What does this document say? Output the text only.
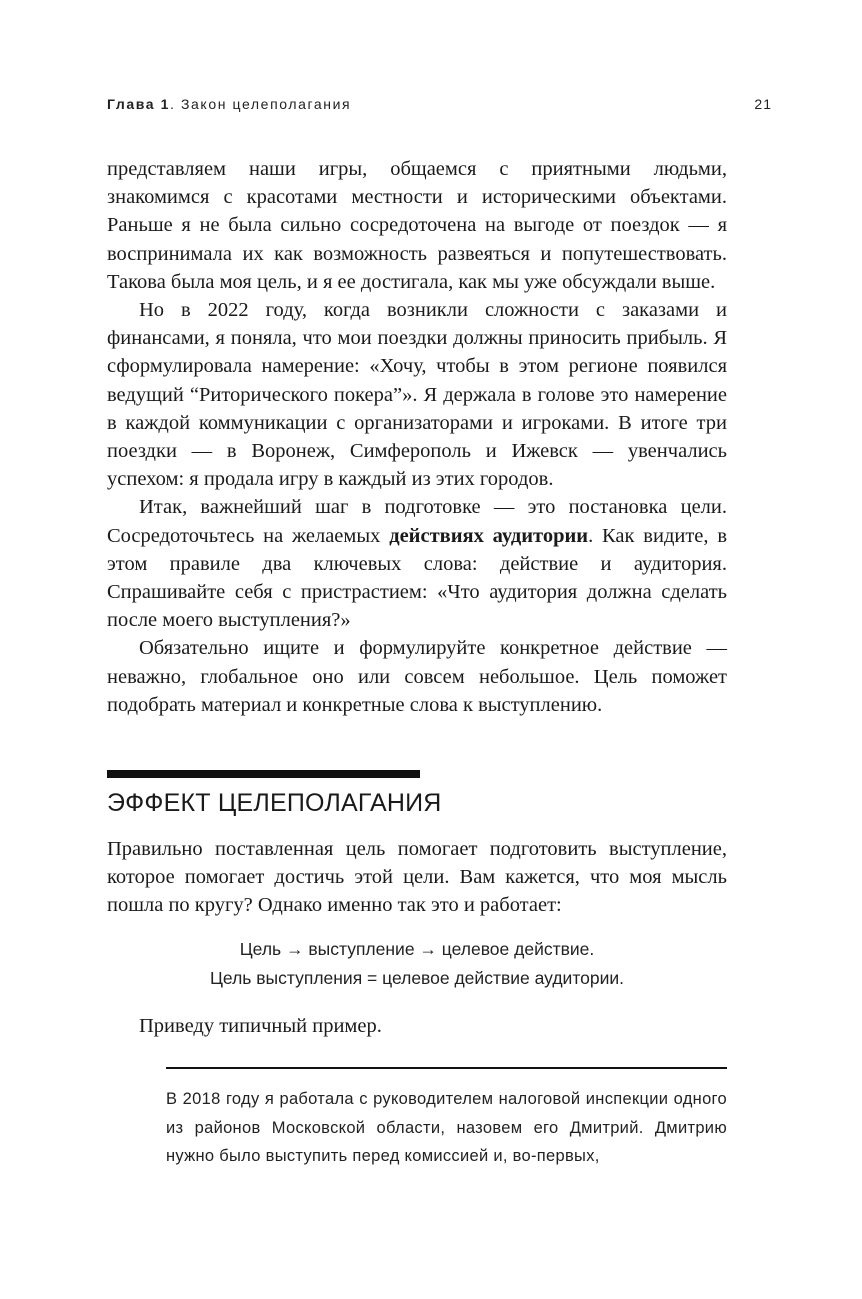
Глава 1. Закон целеполагания	21

представляем наши игры, общаемся с приятными людьми, знакомимся с красотами местности и историческими объектами. Раньше я не была сильно сосредоточена на выгоде от поездок — я воспринимала их как возможность развеяться и попутешествовать. Такова была моя цель, и я ее достигала, как мы уже обсуждали выше.

Но в 2022 году, когда возникли сложности с заказами и финансами, я поняла, что мои поездки должны приносить прибыль. Я сформулировала намерение: «Хочу, чтобы в этом регионе появился ведущий “Риторического покера”». Я держала в голове это намерение в каждой коммуникации с организаторами и игроками. В итоге три поездки — в Воронеж, Симферополь и Ижевск — увенчались успехом: я продала игру в каждый из этих городов.

Итак, важнейший шаг в подготовке — это постановка цели. Сосредоточьтесь на желаемых действиях аудитории. Как видите, в этом правиле два ключевых слова: действие и аудитория. Спрашивайте себя с пристрастием: «Что аудитория должна сделать после моего выступления?»

Обязательно ищите и формулируйте конкретное действие — неважно, глобальное оно или совсем небольшое. Цель поможет подобрать материал и конкретные слова к выступлению.

ЭФФЕКТ ЦЕЛЕПОЛАГАНИЯ

Правильно поставленная цель помогает подготовить выступление, которое помогает достичь этой цели. Вам кажется, что моя мысль пошла по кругу? Однако именно так это и работает:

Цель → выступление → целевое действие.
Цель выступления = целевое действие аудитории.

Приведу типичный пример.

В 2018 году я работала с руководителем налоговой инспекции одного из районов Московской области, назовем его Дмитрий. Дмитрию нужно было выступить перед комиссией и, во-первых,
